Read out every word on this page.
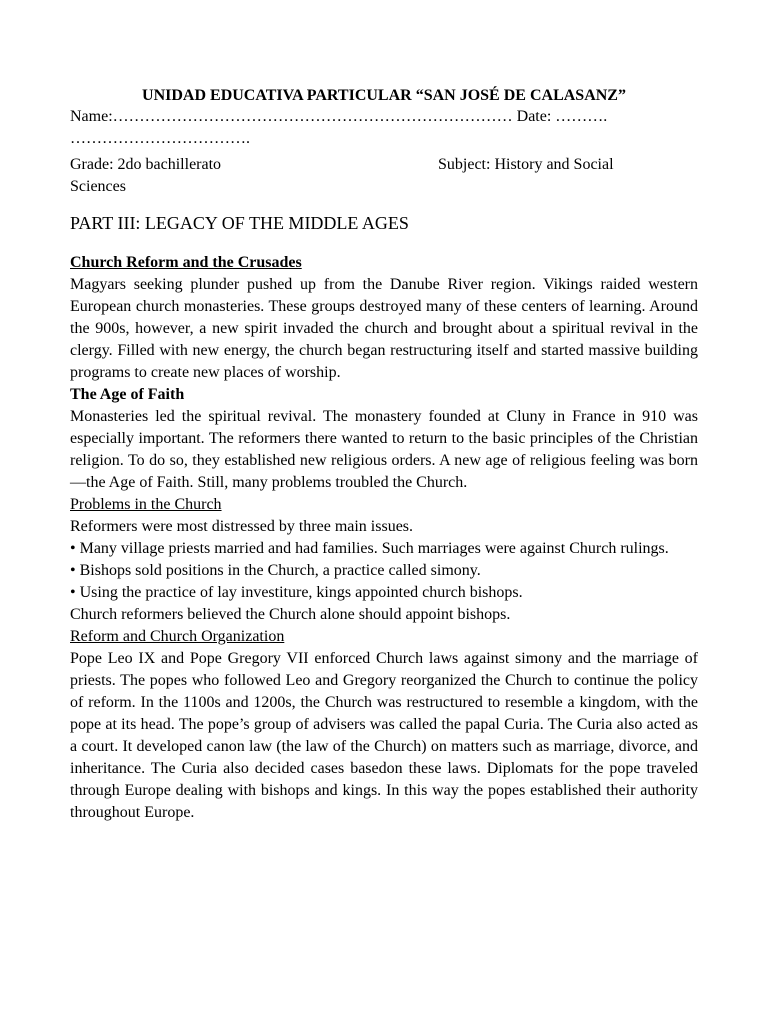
UNIDAD EDUCATIVA PARTICULAR “SAN JOSÉ DE CALASANZ”

Name:………………………………………………………………… Date: ……….

…………………………….

Grade: 2do bachillerato	Subject: History and Social

Sciences

PART III: LEGACY OF THE MIDDLE AGES

Church Reform and the Crusades

Magyars seeking plunder pushed up from the Danube River region. Vikings raided western European church monasteries. These groups destroyed many of these centers of learning. Around the 900s, however, a new spirit invaded the church and brought about a spiritual revival in the clergy. Filled with new energy, the church began restructuring itself and started massive building programs to create new places of worship.

The Age of Faith

Monasteries led the spiritual revival. The monastery founded at Cluny in France in 910 was especially important. The reformers there wanted to return to the basic principles of the Christian religion. To do so, they established new religious orders. A new age of religious feeling was born—the Age of Faith. Still, many problems troubled the Church.

Problems in the Church

Reformers were most distressed by three main issues.

• Many village priests married and had families. Such marriages were against Church rulings.

• Bishops sold positions in the Church, a practice called simony.

• Using the practice of lay investiture, kings appointed church bishops.

Church reformers believed the Church alone should appoint bishops.

Reform and Church Organization

Pope Leo IX and Pope Gregory VII enforced Church laws against simony and the marriage of priests. The popes who followed Leo and Gregory reorganized the Church to continue the policy of reform. In the 1100s and 1200s, the Church was restructured to resemble a kingdom, with the pope at its head. The pope’s group of advisers was called the papal Curia. The Curia also acted as a court. It developed canon law (the law of the Church) on matters such as marriage, divorce, and inheritance. The Curia also decided cases basedon these laws. Diplomats for the pope traveled through Europe dealing with bishops and kings. In this way the popes established their authority throughout Europe.
